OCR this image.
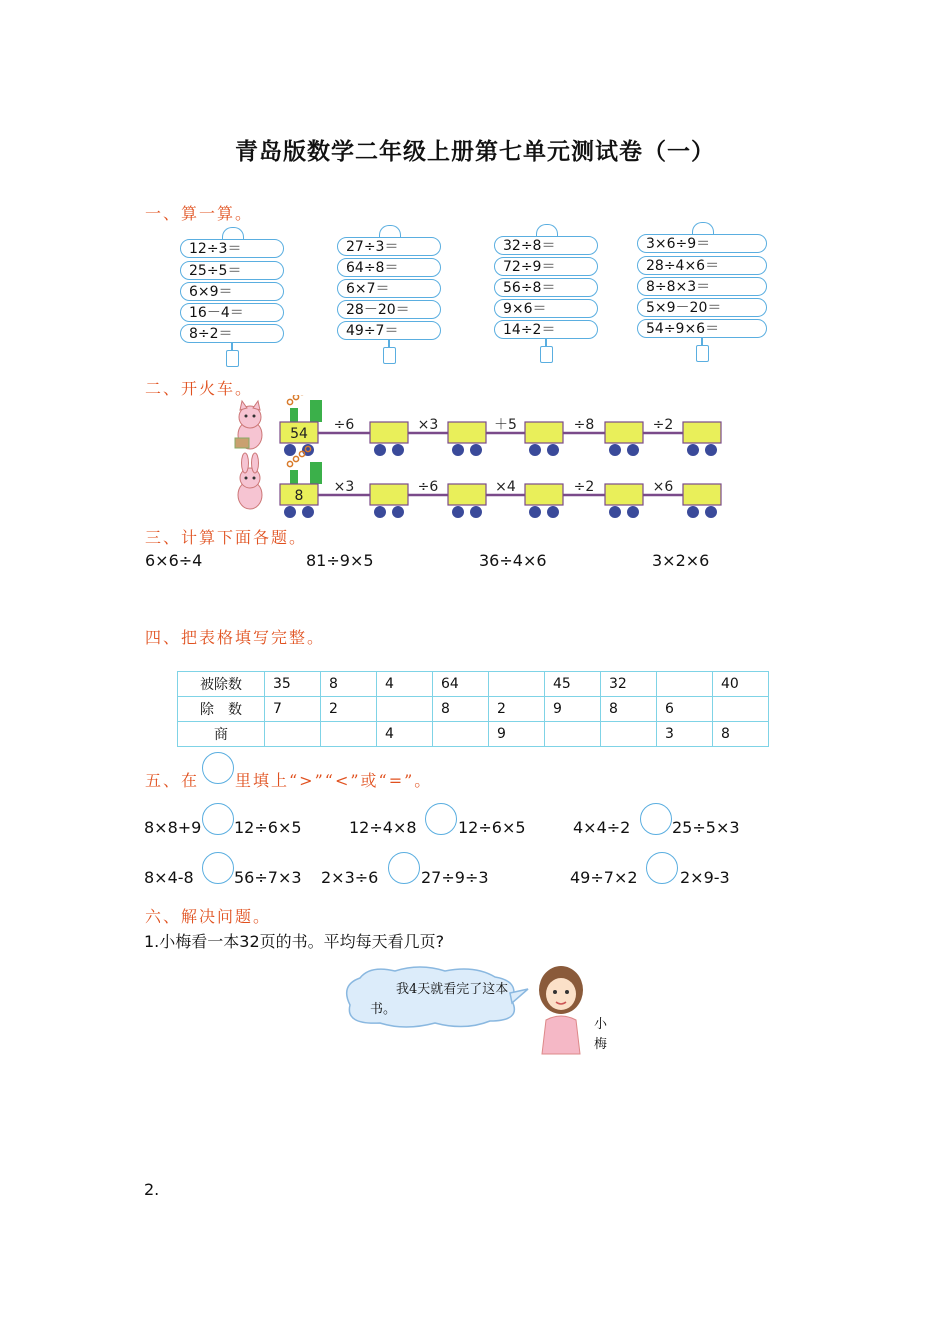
青岛版数学二年级上册第七单元测试卷（一）
一、算一算。
12÷3＝
25÷5＝
6×9＝
16－4＝
8÷2＝
27÷3＝
64÷8＝
6×7＝
28－20＝
49÷7＝
32÷8＝
72÷9＝
56÷8＝
9×6＝
14÷2＝
3×6÷9＝
28÷4×6＝
8÷8×3＝
5×9－20＝
54÷9×6＝
二、开火车。
54
÷6	×3	＋5	÷8	÷2
8
×3	÷6	×4	÷2	×6
三、计算下面各题。
6×6÷4	81÷9×5	36÷4×6	3×2×6
四、把表格填写完整。
被除数	35	8	4	64		45	32		40
除　数	7	2		8	2	9	8	6	
商			4		9			3	8
五、在 里填上“>”“<”或“=”。
8×8+9 12÷6×5	12÷4×8	12÷6×5	4×4÷2	25÷5×3
8×4-8	56÷7×3 2×3÷6	27÷9÷3	49÷7×2	2×9-3
六、解决问题。
1.小梅看一本32页的书。平均每天看几页?
我4天就看完了这本书。
小梅
2.
